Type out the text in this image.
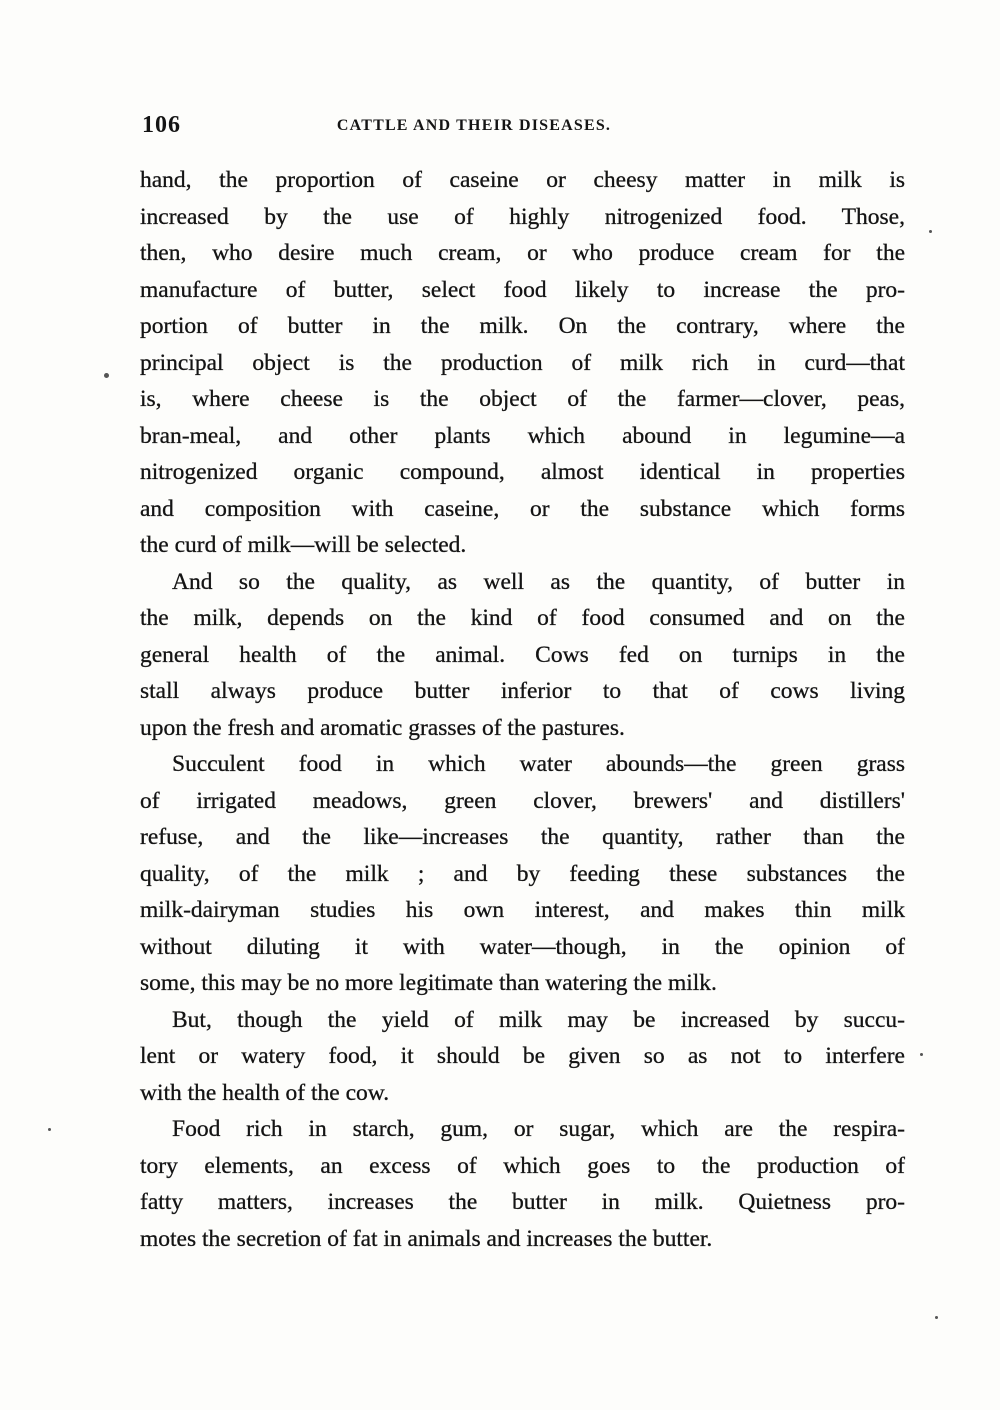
106	CATTLE AND THEIR DISEASES.
hand, the proportion of caseine or cheesy matter in milk is
increased by the use of highly nitrogenized food. Those,
then, who desire much cream, or who produce cream for the
manufacture of butter, select food likely to increase the pro-
portion of butter in the milk. On the contrary, where the
principal object is the production of milk rich in curd—that
is, where cheese is the object of the farmer—clover, peas,
bran-meal, and other plants which abound in legumine—a
nitrogenized organic compound, almost identical in properties
and composition with caseine, or the substance which forms
the curd of milk—will be selected.
And so the quality, as well as the quantity, of butter in
the milk, depends on the kind of food consumed and on the
general health of the animal. Cows fed on turnips in the
stall always produce butter inferior to that of cows living
upon the fresh and aromatic grasses of the pastures.
Succulent food in which water abounds—the green grass
of irrigated meadows, green clover, brewers' and distillers'
refuse, and the like—increases the quantity, rather than the
quality, of the milk ; and by feeding these substances the
milk-dairyman studies his own interest, and makes thin milk
without diluting it with water—though, in the opinion of
some, this may be no more legitimate than watering the milk.
But, though the yield of milk may be increased by succu-
lent or watery food, it should be given so as not to interfere
with the health of the cow.
Food rich in starch, gum, or sugar, which are the respira-
tory elements, an excess of which goes to the production of
fatty matters, increases the butter in milk. Quietness pro-
motes the secretion of fat in animals and increases the butter.
